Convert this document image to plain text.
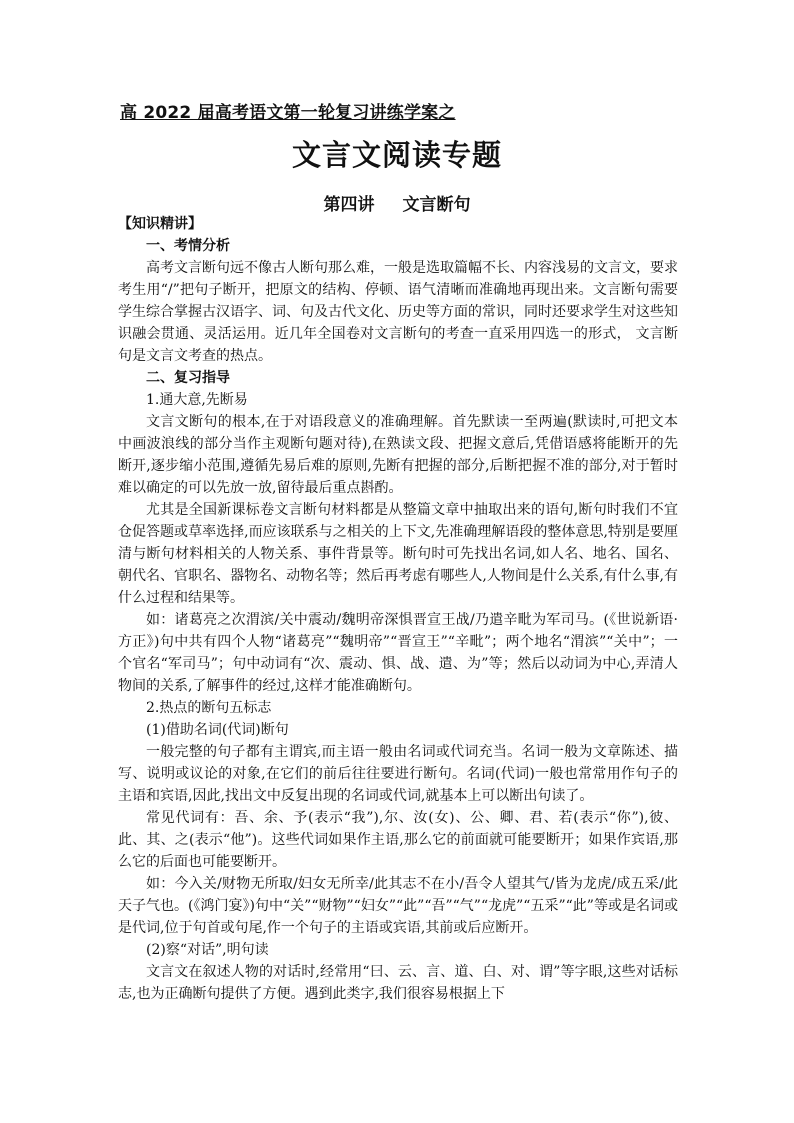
高 2022 届高考语文第一轮复习讲练学案之
文言文阅读专题
第四讲 文言断句

【知识精讲】

一、考情分析

高考文言断句远不像古人断句那么难，一般是选取篇幅不长、内容浅易的文言文，要求考生用“/”把句子断开，把原文的结构、停顿、语气清晰而准确地再现出来。文言断句需要学生综合掌握古汉语字、词、句及古代文化、历史等方面的常识，同时还要求学生对这些知识融会贯通、灵活运用。近几年全国卷对文言断句的考查一直采用四选一的形式， 文言断句是文言文考查的热点。

二、复习指导

1.通大意,先断易

文言文断句的根本,在于对语段意义的准确理解。首先默读一至两遍(默读时,可把文本中画波浪线的部分当作主观断句题对待),在熟读文段、把握文意后,凭借语感将能断开的先断开,逐步缩小范围,遵循先易后难的原则,先断有把握的部分,后断把握不准的部分,对于暂时难以确定的可以先放一放,留待最后重点斟酌。

尤其是全国新课标卷文言断句材料都是从整篇文章中抽取出来的语句,断句时我们不宜仓促答题或草率选择,而应该联系与之相关的上下文,先准确理解语段的整体意思,特别是要厘清与断句材料相关的人物关系、事件背景等。断句时可先找出名词,如人名、地名、国名、朝代名、官职名、器物名、动物名等；然后再考虑有哪些人,人物间是什么关系,有什么事,有什么过程和结果等。

如：诸葛亮之次渭滨/关中震动/魏明帝深惧晋宣王战/乃遣辛毗为军司马。(《世说新语·方正》)句中共有四个人物“诸葛亮”“魏明帝”“晋宣王”“辛毗”；两个地名“渭滨”“关中”；一个官名“军司马”；句中动词有“次、震动、惧、战、遣、为”等；然后以动词为中心,弄清人物间的关系,了解事件的经过,这样才能准确断句。

2.热点的断句五标志

(1)借助名词(代词)断句

一般完整的句子都有主谓宾,而主语一般由名词或代词充当。名词一般为文章陈述、描写、说明或议论的对象,在它们的前后往往要进行断句。名词(代词)一般也常常用作句子的主语和宾语,因此,找出文中反复出现的名词或代词,就基本上可以断出句读了。

常见代词有：吾、余、予(表示“我”),尔、汝(女)、公、卿、君、若(表示“你”),彼、此、其、之(表示“他”)。这些代词如果作主语,那么它的前面就可能要断开；如果作宾语,那么它的后面也可能要断开。

如：今入关/财物无所取/妇女无所幸/此其志不在小/吾令人望其气/皆为龙虎/成五采/此天子气也。(《鸿门宴》)句中“关”“财物”“妇女”“此”“吾”“气”“龙虎”“五采”“此”等或是名词或是代词,位于句首或句尾,作一个句子的主语或宾语,其前或后应断开。

(2)察“对话”,明句读

文言文在叙述人物的对话时,经常用“曰、云、言、道、白、对、谓”等字眼,这些对话标志,也为正确断句提供了方便。遇到此类字,我们很容易根据上下
